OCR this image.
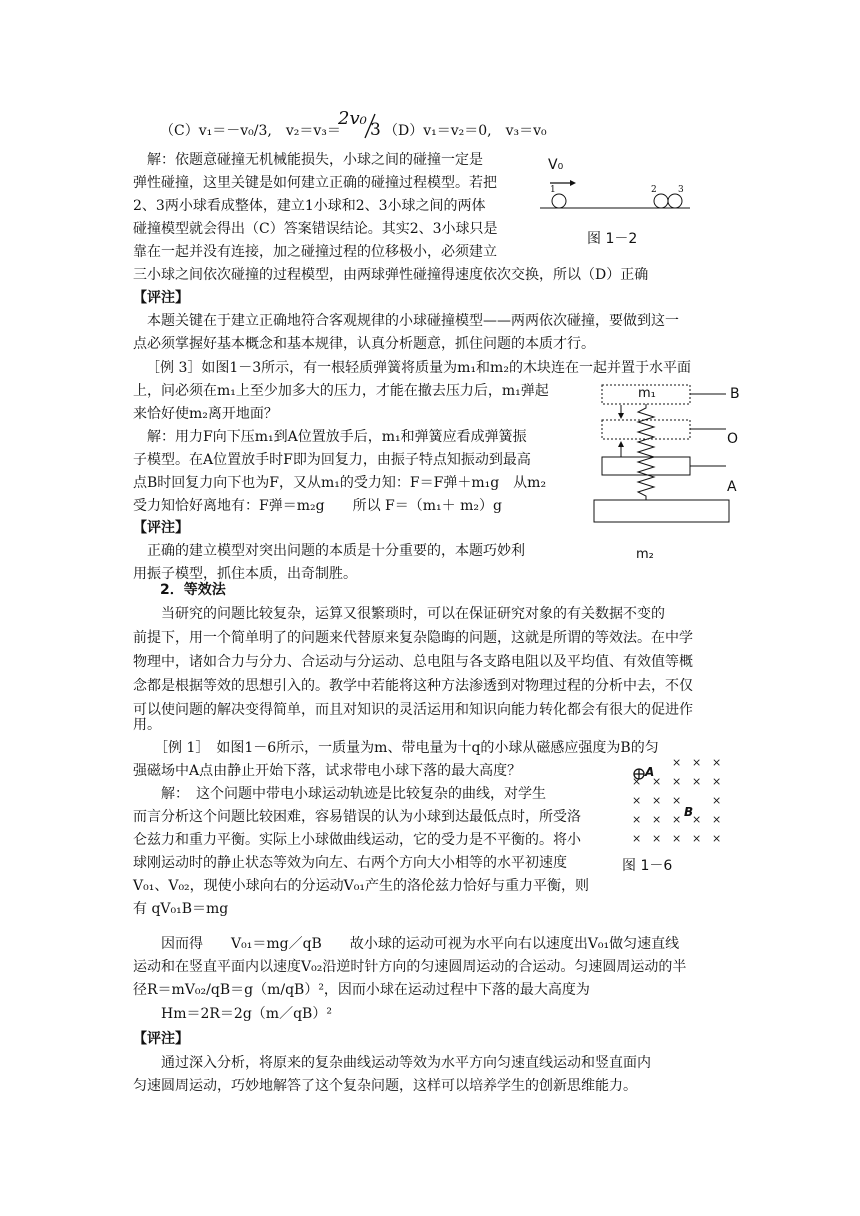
（C）v₁＝－v₀/3,　v₂＝v₃＝
2v₀
3 （D）v₁＝v₂＝0,　v₃＝v₀
　解：依题意碰撞无机械能损失，小球之间的碰撞一定是
弹性碰撞，这里关键是如何建立正确的碰撞过程模型。若把
2、3两小球看成整体，建立1小球和2、3小球之间的两体
碰撞模型就会得出（C）答案错误结论。其实2、3小球只是
靠在一起并没有连接，加之碰撞过程的位移极小，必须建立
三小球之间依次碰撞的过程模型，由两球弹性碰撞得速度依次交换，所以（D）正确
【评注】
　本题关键在于建立正确地符合客观规律的小球碰撞模型——两两依次碰撞，要做到这一
点必须掌握好基本概念和基本规律，认真分析题意，抓住问题的本质才行。
V₀
1	2 3
图 1－2
［例 3］如图1－3所示，有一根轻质弹簧将质量为m₁和m₂的木块连在一起并置于水平面
上，问必须在m₁上至少加多大的压力，才能在撤去压力后，m₁弹起
来恰好使m₂离开地面？
　解：用力F向下压m₁到A位置放手后，m₁和弹簧应看成弹簧振
子模型。在A位置放手时F即为回复力，由振子特点知振动到最高
点B时回复力向下也为F，又从m₁的受力知：F＝F弹＋m₁g　从m₂
受力知恰好离地有：F弹＝m₂g　　所以 F＝（m₁＋ m₂）g
【评注】
　正确的建立模型对突出问题的本质是十分重要的，本题巧妙利
用振子模型，抓住本质，出奇制胜。
m₁	B
O
A
m₂
2．等效法
　　当研究的问题比较复杂，运算又很繁琐时，可以在保证研究对象的有关数据不变的
前提下，用一个简单明了的问题来代替原来复杂隐晦的问题，这就是所谓的等效法。在中学
物理中，诸如合力与分力、合运动与分运动、总电阻与各支路电阻以及平均值、有效值等概
念都是根据等效的思想引入的。教学中若能将这种方法渗透到对物理过程的分析中去，不仅
可以使问题的解决变得简单，而且对知识的灵活运用和知识向能力转化都会有很大的促进作
用。
　　［例 1］　如图1－6所示，一质量为m、带电量为十q的小球从磁感应强度为B的匀
强磁场中A点由静止开始下落，试求带电小球下落的最大高度？
　　解：　这个问题中带电小球运动轨迹是比较复杂的曲线，对学生
而言分析这个问题比较困难，容易错误的认为小球到达最低点时，所受洛
仑兹力和重力平衡。实际上小球做曲线运动，它的受力是不平衡的。将小
球刚运动时的静止状态等效为向左、右两个方向大小相等的水平初速度
V₀₁、V₀₂，现使小球向右的分运动V₀₁产生的洛伦兹力恰好与重力平衡，则
有 qV₀₁B＝mg
　　因而得　　V₀₁＝mg／qB　　故小球的运动可视为水平向右以速度出V₀₁做匀速直线
运动和在竖直平面内以速度V₀₂沿逆时针方向的匀速圆周运动的合运动。匀速圆周运动的半
径R＝mV₀₂/qB＝g（m/qB）²，因而小球在运动过程中下落的最大高度为
　　Hm＝2R＝2g（m／qB）²
【评注】
　　通过深入分析，将原来的复杂曲线运动等效为水平方向匀速直线运动和竖直面内
匀速圆周运动，巧妙地解答了这个复杂问题，这样可以培养学生的创新思维能力。
× × ×
× × × × ×
× × ×	×
× × × × ×
× × × × ×
A
B
图 1－6
